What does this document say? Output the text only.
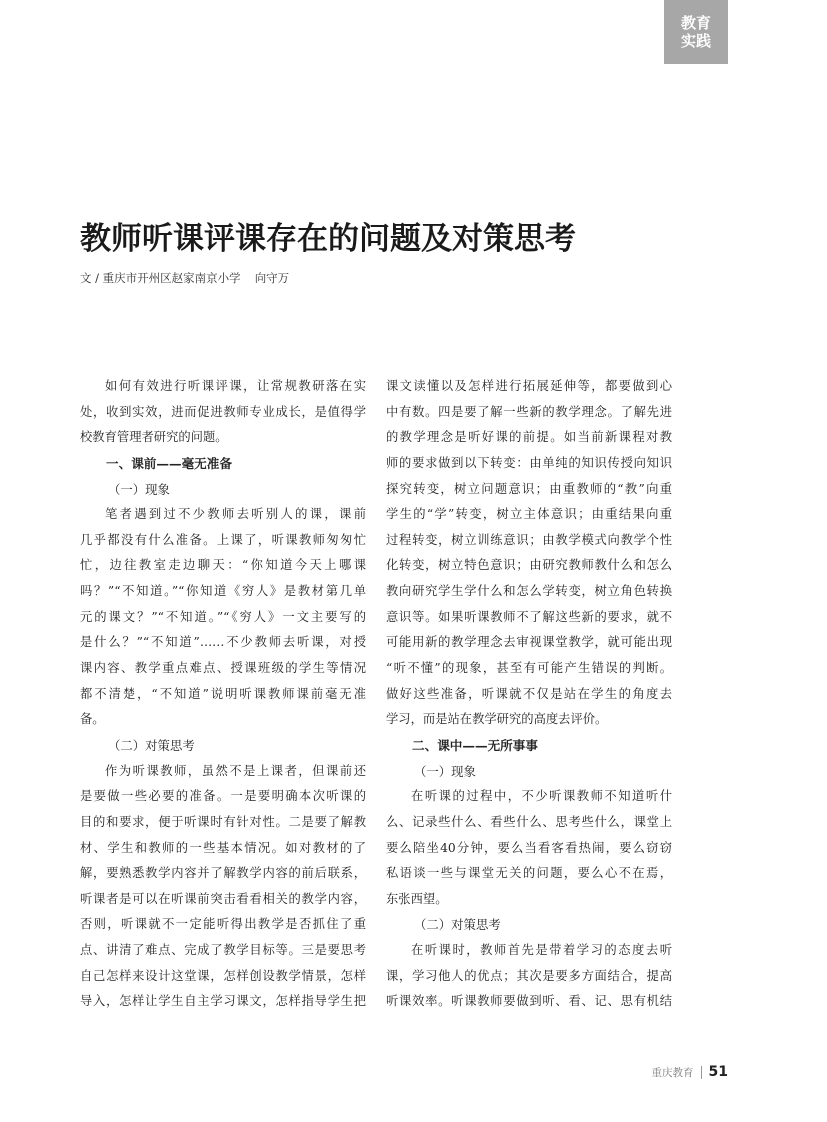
教育
实践
教师听课评课存在的问题及对策思考
文 / 重庆市开州区赵家南京小学 向守万
如何有效进行听课评课，让常规教研落在实
处，收到实效，进而促进教师专业成长，是值得学
校教育管理者研究的问题。
一、课前——毫无准备
（一）现象
笔者遇到过不少教师去听别人的课，课前
几乎都没有什么准备。上课了，听课教师匆匆忙
忙，边往教室走边聊天：“你知道今天上哪课
吗？”“不知道。”“你知道《穷人》是教材第几单
元的课文？”“不知道。”“《穷人》一文主要写的
是什么？”“不知道”……不少教师去听课，对授
课内容、教学重点难点、授课班级的学生等情况
都不清楚，“不知道”说明听课教师课前毫无准
备。
（二）对策思考
作为听课教师，虽然不是上课者，但课前还
是要做一些必要的准备。一是要明确本次听课的
目的和要求，便于听课时有针对性。二是要了解教
材、学生和教师的一些基本情况。如对教材的了
解，要熟悉教学内容并了解教学内容的前后联系，
听课者是可以在听课前突击看看相关的教学内容，
否则，听课就不一定能听得出教学是否抓住了重
点、讲清了难点、完成了教学目标等。三是要思考
自己怎样来设计这堂课，怎样创设教学情景，怎样
导入，怎样让学生自主学习课文，怎样指导学生把
课文读懂以及怎样进行拓展延伸等，都要做到心
中有数。四是要了解一些新的教学理念。了解先进
的教学理念是听好课的前提。如当前新课程对教
师的要求做到以下转变：由单纯的知识传授向知识
探究转变，树立问题意识；由重教师的“教”向重
学生的“学”转变，树立主体意识；由重结果向重
过程转变，树立训练意识；由教学模式向教学个性
化转变，树立特色意识；由研究教师教什么和怎么
教向研究学生学什么和怎么学转变，树立角色转换
意识等。如果听课教师不了解这些新的要求，就不
可能用新的教学理念去审视课堂教学，就可能出现
“听不懂”的现象，甚至有可能产生错误的判断。
做好这些准备，听课就不仅是站在学生的角度去
学习，而是站在教学研究的高度去评价。
二、课中——无所事事
（一）现象
在听课的过程中，不少听课教师不知道听什
么、记录些什么、看些什么、思考些什么，课堂上
要么陪坐40分钟，要么当看客看热闹，要么窃窃
私语谈一些与课堂无关的问题，要么心不在焉，
东张西望。
（二）对策思考
在听课时，教师首先是带着学习的态度去听
课，学习他人的优点；其次是要多方面结合，提高
听课效率。听课教师要做到听、看、记、思有机结
重庆教育 51
